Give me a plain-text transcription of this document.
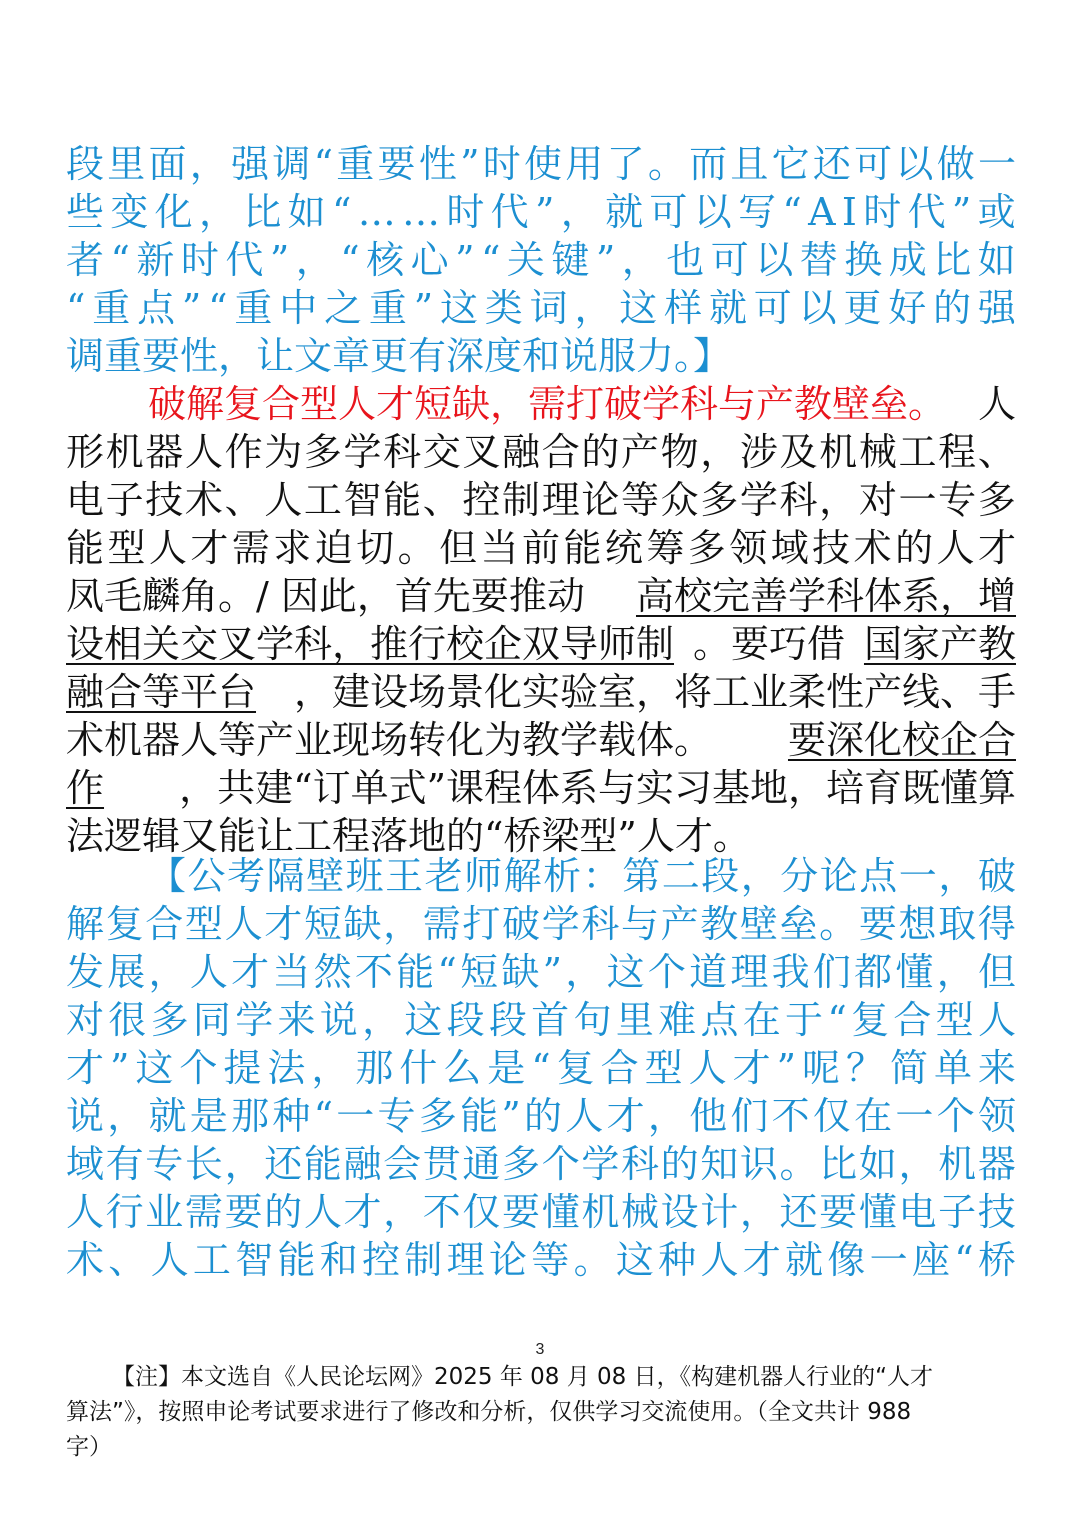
段 里 面 ， 强 调 “ 重 要 性 ” 时 使 用 了 。 而 且 它 还 可 以 做 一
些 变 化 ， 比 如 “ … … 时 代 ” ， 就 可 以 写 “ A I 时 代 ” 或
者 “ 新 时 代 ” ， “ 核 心 ” “ 关 键 ” ， 也 可 以 替 换 成 比 如
“ 重 点 ” “ 重 中 之 重 ” 这 类 词 ， 这 样 就 可 以 更 好 的 强
调重要性，让文章更有深度和说服力。】
破解复合型人才短缺，需打破学科与产教壁垒。 人
形 机 器 人 作 为 多 学 科 交 叉 融 合 的 产 物 ， 涉 及 机 械 工 程 、
电 子 技 术 、 人 工 智 能 、 控 制 理 论 等 众 多 学 科 ， 对 一 专 多
能 型 人 才 需 求 迫 切 。 但 当 前 能 统 筹 多 领 域 技 术 的 人 才
凤毛麟角。/ 因此，首先要推动 高校完善学科体系，增
设相关交叉学科，推行校企双导师制 。要巧借 国家产教
融合等平台 ，建设场景化实验室，将工业柔性产线、手
术机器人等产业现场转化为教学载体。 要深化校企合
作 ，共建“订单式”课程体系与实习基地，培育既懂算
法逻辑又能让工程落地的“桥梁型”人才。
【 公 考 隔 壁 班 王 老 师 解 析 ： 第 二 段 ， 分 论 点 一 ， 破
解 复 合 型 人 才 短 缺 ， 需 打 破 学 科 与 产 教 壁 垒 。 要 想 取 得
发 展 ， 人 才 当 然 不 能 “ 短 缺 ” ， 这 个 道 理 我 们 都 懂 ， 但
对 很 多 同 学 来 说 ， 这 段 段 首 句 里 难 点 在 于 “ 复 合 型 人
才 ” 这 个 提 法 ， 那 什 么 是 “ 复 合 型 人 才 ” 呢 ？ 简 单 来
说 ， 就 是 那 种 “ 一 专 多 能 ” 的 人 才 ， 他 们 不 仅 在 一 个 领
域 有 专 长 ， 还 能 融 会 贯 通 多 个 学 科 的 知 识 。 比 如 ， 机 器
人 行 业 需 要 的 人 才 ， 不 仅 要 懂 机 械 设 计 ， 还 要 懂 电 子 技
术 、 人 工 智 能 和 控 制 理 论 等 。 这 种 人 才 就 像 一 座 “ 桥
3
【注】本文选自《人民论坛网》2025 年 08 月 08 日，《构建机器人行业的“人才
算法”》，按照申论考试要求进行了修改和分析，仅供学习交流使用。（全文共计 988
字）
